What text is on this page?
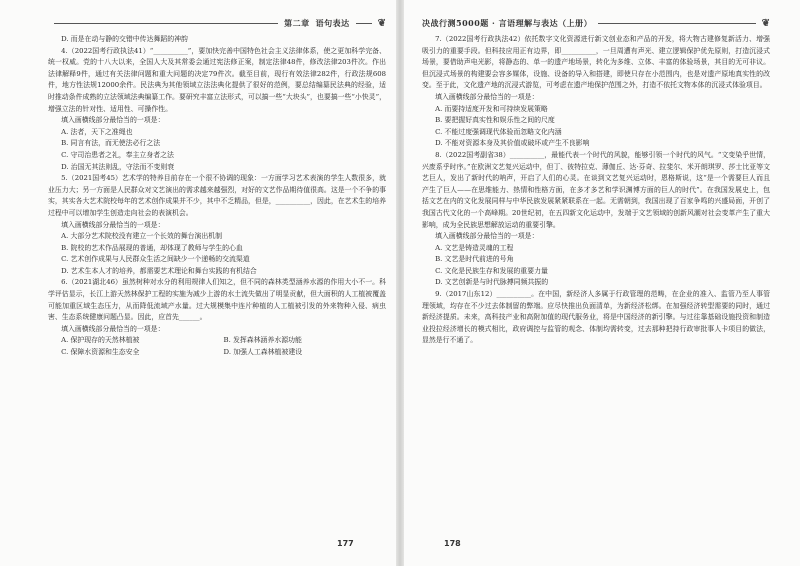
第二章 语句表达	❦

D. 而是在动与静的交错中传达舞蹈的神韵

4.（2022国考行政执法41）“__________”，要加快完善中国特色社会主义法律体系，使之更加科学完备、统一权威。党的十八大以来，全国人大及其常委会通过宪法修正案，制定法律48件，修改法律203件次。作出法律解释9件，通过有关法律问题和重大问题的决定79件次。截至目前，现行有效法律282件，行政法规608件，地方性法规12000余件。民法典为其他领域立法法典化提供了很好的范例，要总结编纂民法典的经验，适时推动条件成熟的立法领域法典编纂工作。要研究丰富立法形式，可以搞一些“大块头”，也要搞一些“小快灵”，增强立法的针对性、适用性、可操作性。

填入画横线部分最恰当的一项是：

A. 法者，天下之准绳也

B. 同言有法，而无使法必行之法

C. 守司治患者之礼，奉主立身者之法

D. 治国无其法则乱，守法而不变则衰

5.（2021国考45）艺术学的特养目前存在一个很不协调的现象：一方面学习艺术表演的学生人数很多，就业压力大；另一方面是人民群众对文艺演出的需求越来越强烈，对好的文艺作品期待值很高。这是一个不争的事实，其实各大艺术院校每年的艺术创作成果并不少，其中不乏精品，但是，__________，因此，在艺术生的培养过程中可以增加学生创造走向社会的表演机会。

填入画横线部分最恰当的一项是：

A. 大部分艺术院校没有建立一个长效的舞台演出机制

B. 院校的艺术作品展现的普通，却体现了教师与学生的心血

C. 艺术创作成果与人民群众生活之间缺少一个递畅的交流渠道

D. 艺术生本人才的培养，都需要艺术理论和舞台实践的有机结合

6.（2021湖北46）虽然树种对水分的利用规律人们知之，但不同的森林类型涵养水源的作用大小不一。科学评估显示，长江上游天然林保护工程的实施为减少上游的水土流失做出了明显贡献，但大面积的人工植被覆盖可能加重区域生态压力，从而降低流域产水量。过大规模集中连片种植的人工植被引发的外来物种入侵、病虫害、生态系统健康问题凸显。因此，应首先______。

填入画横线部分最恰当的一项是：

A. 保护现存的天然林植被	B. 发挥森林涵养水源功能
C. 保障水资源和生态安全	D. 加强人工森林植被建设
177
决战行测5000题 · 言语理解与表达（上册）	❦

7.（2022国考行政执法42）依托数字文化资源进行新文创业态和产品的开发，将大物古建修复新活力、增强吸引力的重要手段。但科技应用正有边界，即__________，一旦周遭有声光、建立逻辑保护优先原则，打造沉浸式场景，要借助声电光影，将静态的、单一的遗产地场景，转化为多维、立体、丰富的体验场景，其目的无可非议。但沉浸式场景的构建要会容多媒体，设施、设备的导入和搭建，即使只存在小范围内，也是对遗产原地真实性的改变。至于此，文化遗产地的沉浸式游览，可考虑在遗产地保护范围之外，打造不依托文物本体的沉浸式体验项目。

填入画横线部分最恰当的一项是：

A. 而要持适度开发和可持续发展策略

B. 要把握好真实性和娱乐性之间的尺度

C. 不能过度强调现代体验而忽略文化内涵

D. 不能对资源本身及其价值或破坏或产生不良影响

8.（2022国考副省38）__________，最能代表一个时代的风貌，能够引领一个时代的风气。“文变染乎世情，兴废系乎时序。”在欧洲文艺复兴运动中，但丁、彼特拉克、薄伽丘、达·芬奇、拉斐尔、米开朗琪罗、莎士比亚等文艺巨人，发出了新时代的呐声，开启了人们的心灵。在谈到文艺复兴运动时，恩格斯说，这“是一个需要巨人而且产生了巨人——在思维能力、热情和性格方面，在多才多艺和学识渊博方面的巨人的时代”。在我国发展史上，包括文艺在内的文化发展同样与中华民族发展紧紧联系在一起。无需朝到，我国出现了百家争鸣的兴盛局面，开创了我国古代文化的一个高峰期。20世纪初，在五四新文化运动中，发端于文艺领域的创新风潮对社会变革产生了重大影响，成为全民族思想解放运动的重要引擎。

填入画横线部分最恰当的一项是：

A. 文艺是铸造灵魂的工程

B. 文艺是时代前进的号角

C. 文化是民族生存和发展的重要力量

D. 文艺创新是与时代脉搏同频共振的

9.（2017山东12）__________。在中国，新经济人多属于行政管理的范畴，在企业的准入、监管乃至人事管理领域，均存在不少过去体制留的弊端。应尽快推出负面清单，为新经济松绑。在加强经济转型需要的同时，通过新经济提质。未来，高科技产业和高附加值的现代服务业，将是中国经济的新引擎。与过往靠基础设施投资和制造业投拉经济增长的模式相比，政府调控与监管的观念、体制均需转变，过去那种把持行政审批事人卡项目的做法，显然是行不通了。

178
